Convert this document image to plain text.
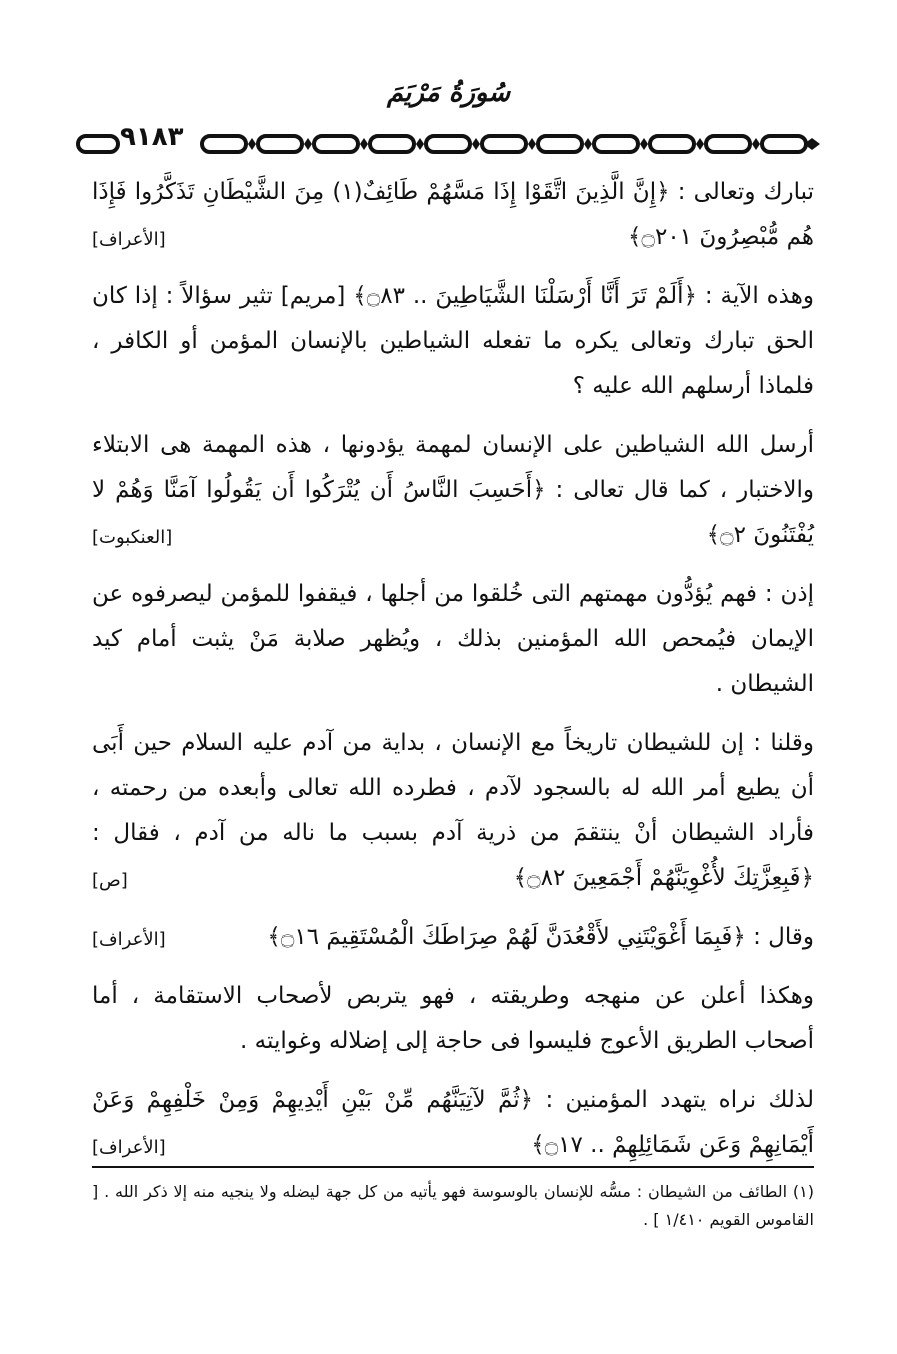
سُورَةُ مَرْيَمَ
٩١٨٣

تبارك وتعالى : ﴿إِنَّ الَّذِينَ اتَّقَوْا إِذَا مَسَّهُمْ طَائِفٌ(١) مِنَ الشَّيْطَانِ تَذَكَّرُوا فَإِذَا هُم مُّبْصِرُونَ ۝٢٠١﴾
[الأعراف]

وهذه الآية : ﴿أَلَمْ تَرَ أَنَّا أَرْسَلْنَا الشَّيَاطِينَ .. ۝٨٣﴾ [مريم] تثير سؤالاً : إذا كان الحق تبارك وتعالى يكره ما تفعله الشياطين بالإنسان المؤمن أو الكافر ، فلماذا أرسلهم الله عليه ؟

أرسل الله الشياطين على الإنسان لمهمة يؤدونها ، هذه المهمة هى الابتلاء والاختبار ، كما قال تعالى : ﴿أَحَسِبَ النَّاسُ أَن يُتْرَكُوا أَن يَقُولُوا آمَنَّا وَهُمْ لا يُفْتَنُونَ ۝٢﴾
[العنكبوت]

إذن : فهم يُؤدُّون مهمتهم التى خُلقوا من أجلها ، فيقفوا للمؤمن ليصرفوه عن الإيمان فيُمحص الله المؤمنين بذلك ، ويُظهر صلابة مَنْ يثبت أمام كيد الشيطان .

وقلنا : إن للشيطان تاريخاً مع الإنسان ، بداية من آدم عليه السلام حين أَبَى أن يطيع أمر الله له بالسجود لآدم ، فطرده الله تعالى وأبعده من رحمته ، فأراد الشيطان أنْ ينتقمَ من ذرية آدم بسبب ما ناله من آدم ، فقال : ﴿فَبِعِزَّتِكَ لأُغْوِيَنَّهُمْ أَجْمَعِينَ ۝٨٢﴾
[ص]

وقال : ﴿فَبِمَا أَغْوَيْتَنِي لأَقْعُدَنَّ لَهُمْ صِرَاطَكَ الْمُسْتَقِيمَ ۝١٦﴾
[الأعراف]

وهكذا أعلن عن منهجه وطريقته ، فهو يتربص لأصحاب الاستقامة ، أما أصحاب الطريق الأعوج فليسوا فى حاجة إلى إضلاله وغوايته .

لذلك نراه يتهدد المؤمنين : ﴿ثُمَّ لآتِيَنَّهُم مِّنْ بَيْنِ أَيْدِيهِمْ وَمِنْ خَلْفِهِمْ وَعَنْ أَيْمَانِهِمْ وَعَن شَمَائِلِهِمْ .. ۝١٧﴾
[الأعراف]

(١) الطائف من الشيطان : مسُّه للإنسان بالوسوسة فهو يأتيه من كل جهة ليضله ولا ينجيه منه إلا ذكر الله . [ القاموس القويم ١/٤١٠ ] .
